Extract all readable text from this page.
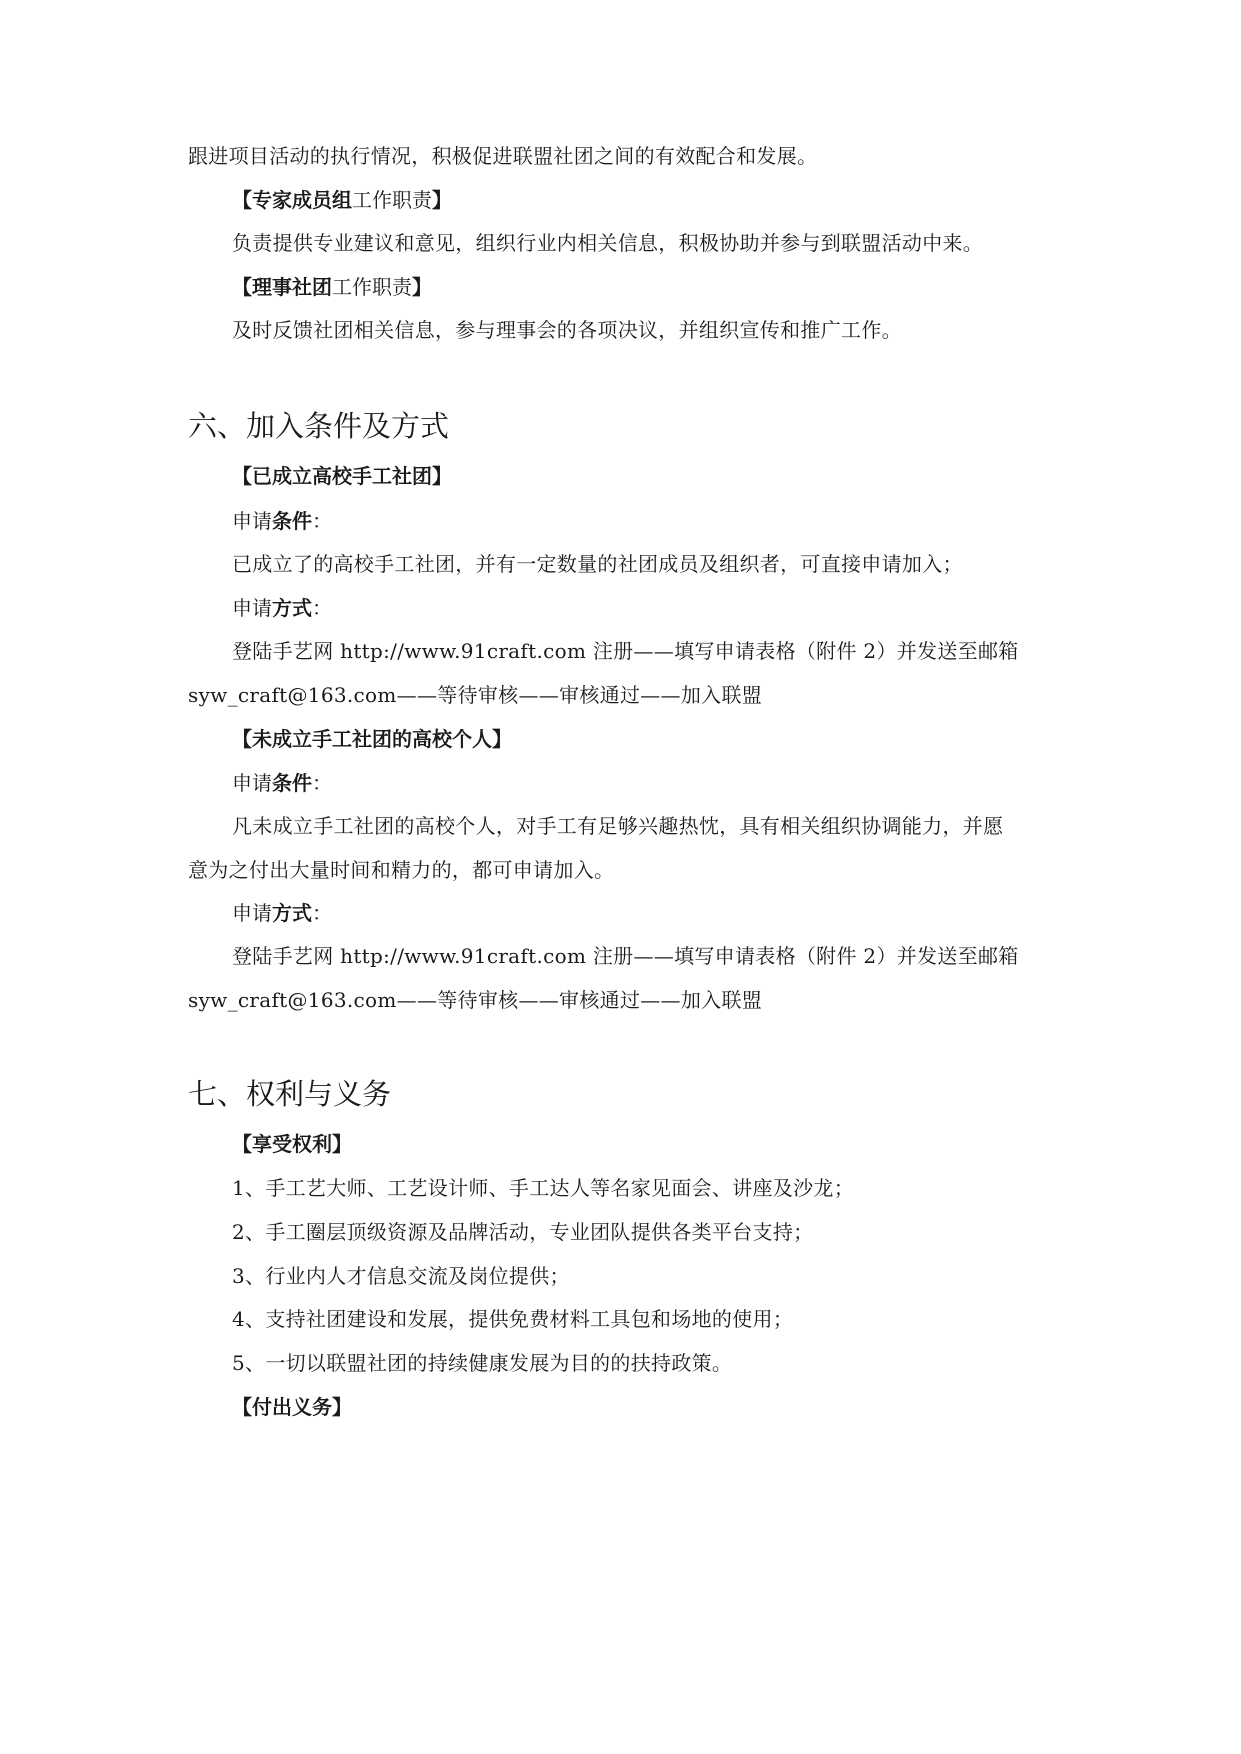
跟进项目活动的执行情况，积极促进联盟社团之间的有效配合和发展。
【专家成员组工作职责】
负责提供专业建议和意见，组织行业内相关信息，积极协助并参与到联盟活动中来。
【理事社团工作职责】
及时反馈社团相关信息，参与理事会的各项决议，并组织宣传和推广工作。
六、加入条件及方式
【已成立高校手工社团】
申请条件：
已成立了的高校手工社团，并有一定数量的社团成员及组织者，可直接申请加入；
申请方式：
登陆手艺网 http://www.91craft.com 注册——填写申请表格（附件 2）并发送至邮箱
syw_craft@163.com——等待审核——审核通过——加入联盟
【未成立手工社团的高校个人】
申请条件：
凡未成立手工社团的高校个人，对手工有足够兴趣热忱，具有相关组织协调能力，并愿
意为之付出大量时间和精力的，都可申请加入。
申请方式：
登陆手艺网 http://www.91craft.com 注册——填写申请表格（附件 2）并发送至邮箱
syw_craft@163.com——等待审核——审核通过——加入联盟
七、权利与义务
【享受权利】
1、手工艺大师、工艺设计师、手工达人等名家见面会、讲座及沙龙；
2、手工圈层顶级资源及品牌活动，专业团队提供各类平台支持；
3、行业内人才信息交流及岗位提供；
4、支持社团建设和发展，提供免费材料工具包和场地的使用；
5、一切以联盟社团的持续健康发展为目的的扶持政策。
【付出义务】
